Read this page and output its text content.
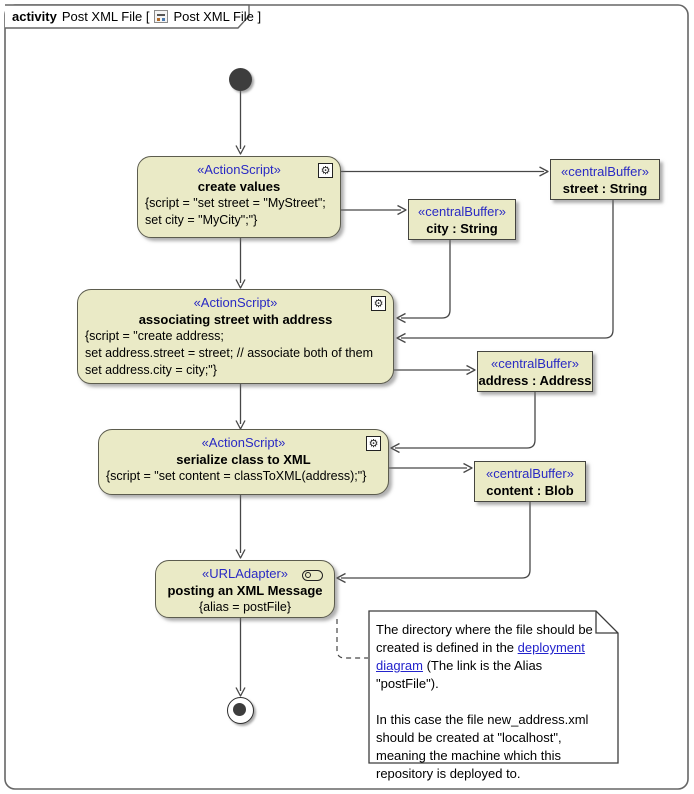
activity Post XML File [ Post XML File ]
«ActionScript»
create values
{script = "set street = "MyStreet";
set city = "MyCity";"}
⚙	«centralBuffer»
street : String
«centralBuffer»
city : String
«ActionScript»
associating street with address
{script = "create address;
set address.street = street; // associate both of them
set address.city = city;"}
⚙
«centralBuffer»
address : Address
«ActionScript»
serialize class to XML
{script = "set content = classToXML(address);"}
⚙
«centralBuffer»
content : Blob
«URLAdapter»
posting an XML Message
{alias = postFile}
The directory where the file should be created is defined in the deployment diagram (The link is the Alias "postFile").
In this case the file new_address.xml should be created at "localhost", meaning the machine which this repository is deployed to.
